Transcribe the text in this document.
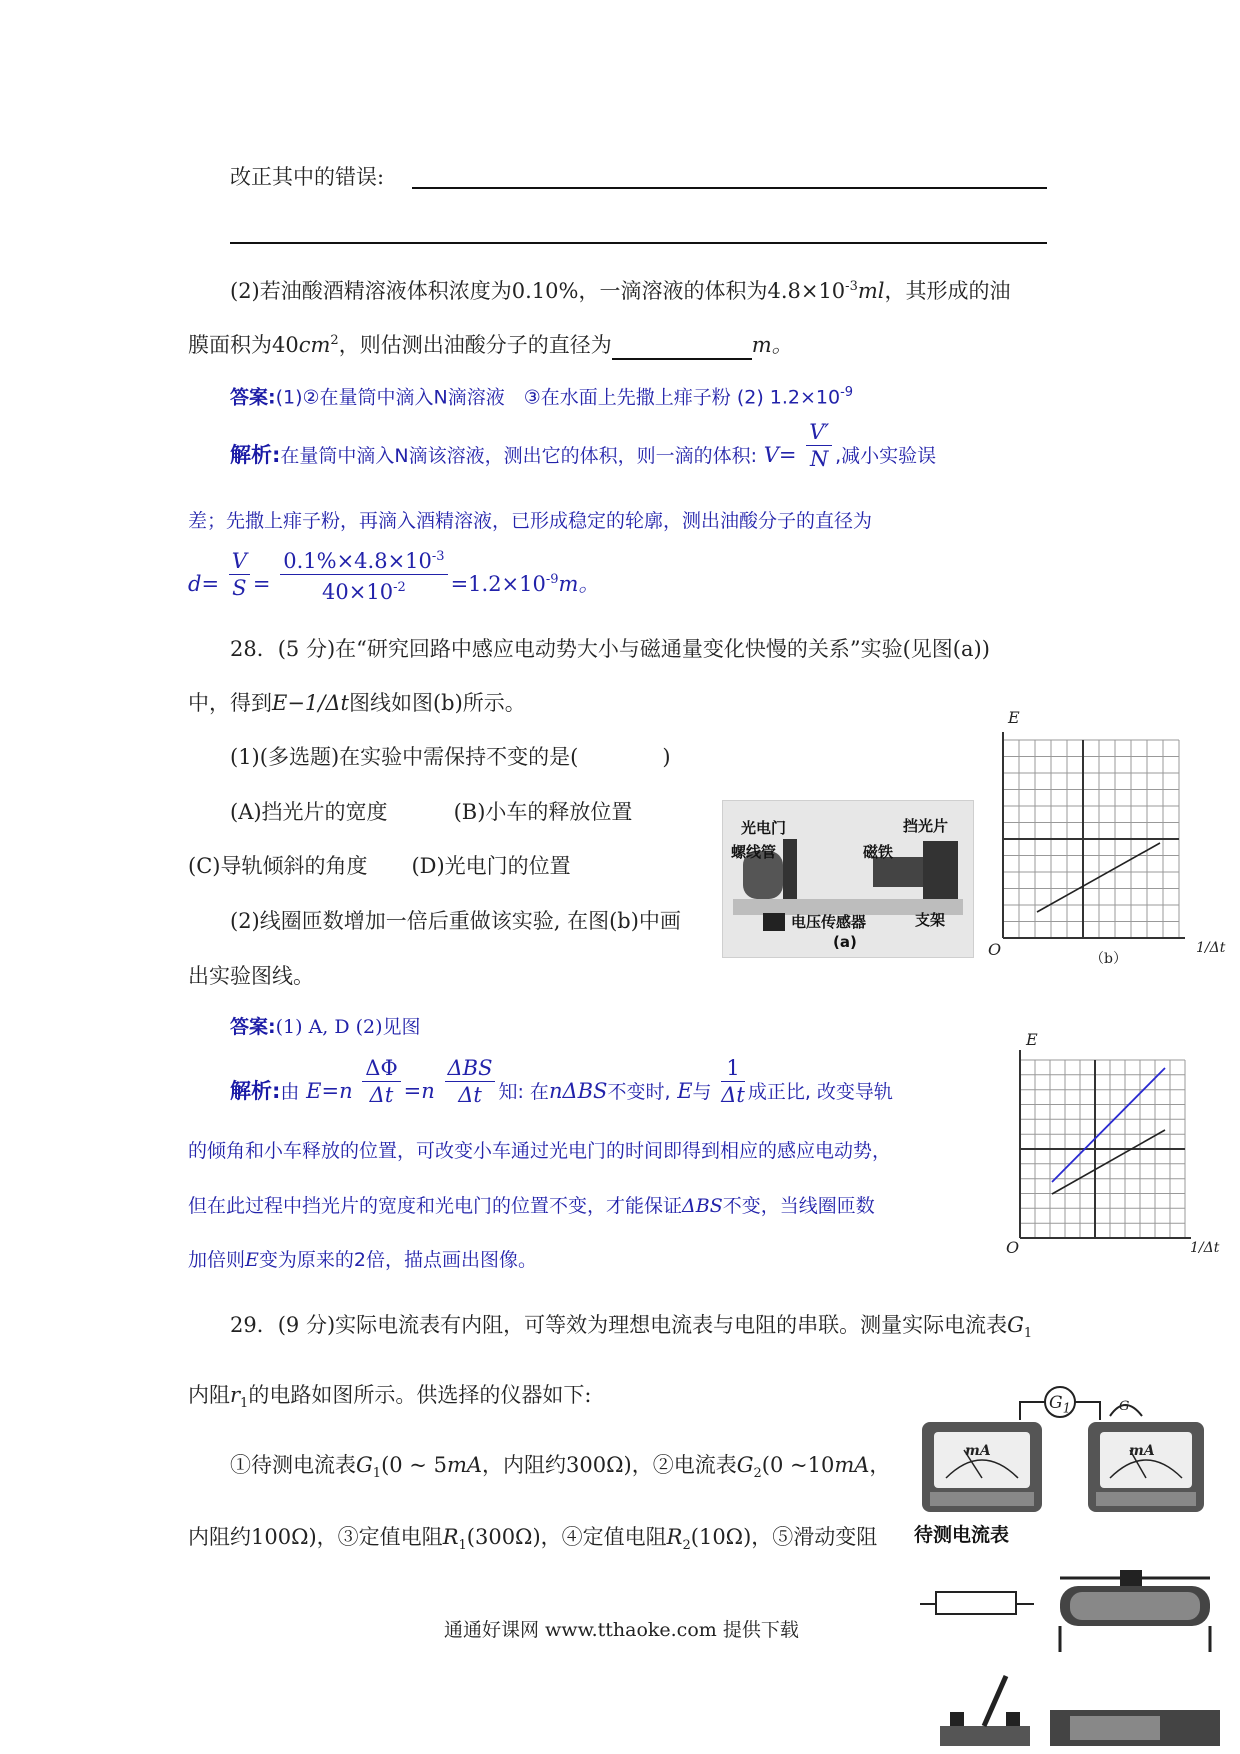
改正其中的错误:
(2)若油酸酒精溶液体积浓度为0.10%，一滴溶液的体积为$4.8\times 10^{-3}ml$，其形成的油
膜面积为$40cm^2$，则估测出油酸分子的直径为	m。
答案:(1)②在量筒中滴入N滴溶液　③在水面上先撒上痱子粉 (2) $1.2\times 10^{-9}$
解析:在量筒中滴入N滴该溶液，测出它的体积，则一滴的体积: $V= \frac{V'}{N}$ ,减小实验误
差；先撒上痱子粉，再滴入酒精溶液，已形成稳定的轮廓，测出油酸分子的直径为
$d= \frac{V}{S} = \frac{0.1\%\times 4.8\times 10^{-3}}{40\times 10^{-2}} =1.2\times 10^{-9}m$。
28．(5 分)在“研究回路中感应电动势大小与磁通量变化快慢的关系”实验(见图(a))
中，得到E−1/Δt图线如图(b)所示。
(1)(多选题)在实验中需保持不变的是(　　　　)
(A)挡光片的宽度	(B)小车的释放位置
(C)导轨倾斜的角度 (D)光电门的位置
(2)线圈匝数增加一倍后重做该实验, 在图(b)中画
出实验图线。
光电门
螺线管	磁铁
挡光片
电压传感器	支架
(a)
E
O	1/Δt
（b）
答案:(1) A, D (2)见图
解析:由 $E=n \frac{\Delta\Phi}{\Delta t} =n \frac{\text{ΔBS}}{\Delta t}$ 知: 在nΔBS不变时, E与 $\frac{1}{\Delta t}$ 成正比, 改变导轨
的倾角和小车释放的位置，可改变小车通过光电门的时间即得到相应的感应电动势，
但在此过程中挡光片的宽度和光电门的位置不变，才能保证ΔBS不变，当线圈匝数
加倍则E变为原来的2倍，描点画出图像。
E
O	1/Δt
29．(9 分)实际电流表有内阻，可等效为理想电流表与电阻的串联。测量实际电流表$G_1$
内阻$r_1$的电路如图所示。供选择的仪器如下:
①待测电流表$G_1(0$ ~ 5mA，内阻约300Ω)，②电流表$G_2(0$ ~10mA，
内阻约100Ω)，③定值电阻$R_1(300\Omega)$，④定值电阻$R_2(10\Omega)$，⑤滑动变阻
$G_1$	G
mA	mA
待测电流表
通通好课网 www.tthaoke.com 提供下载
